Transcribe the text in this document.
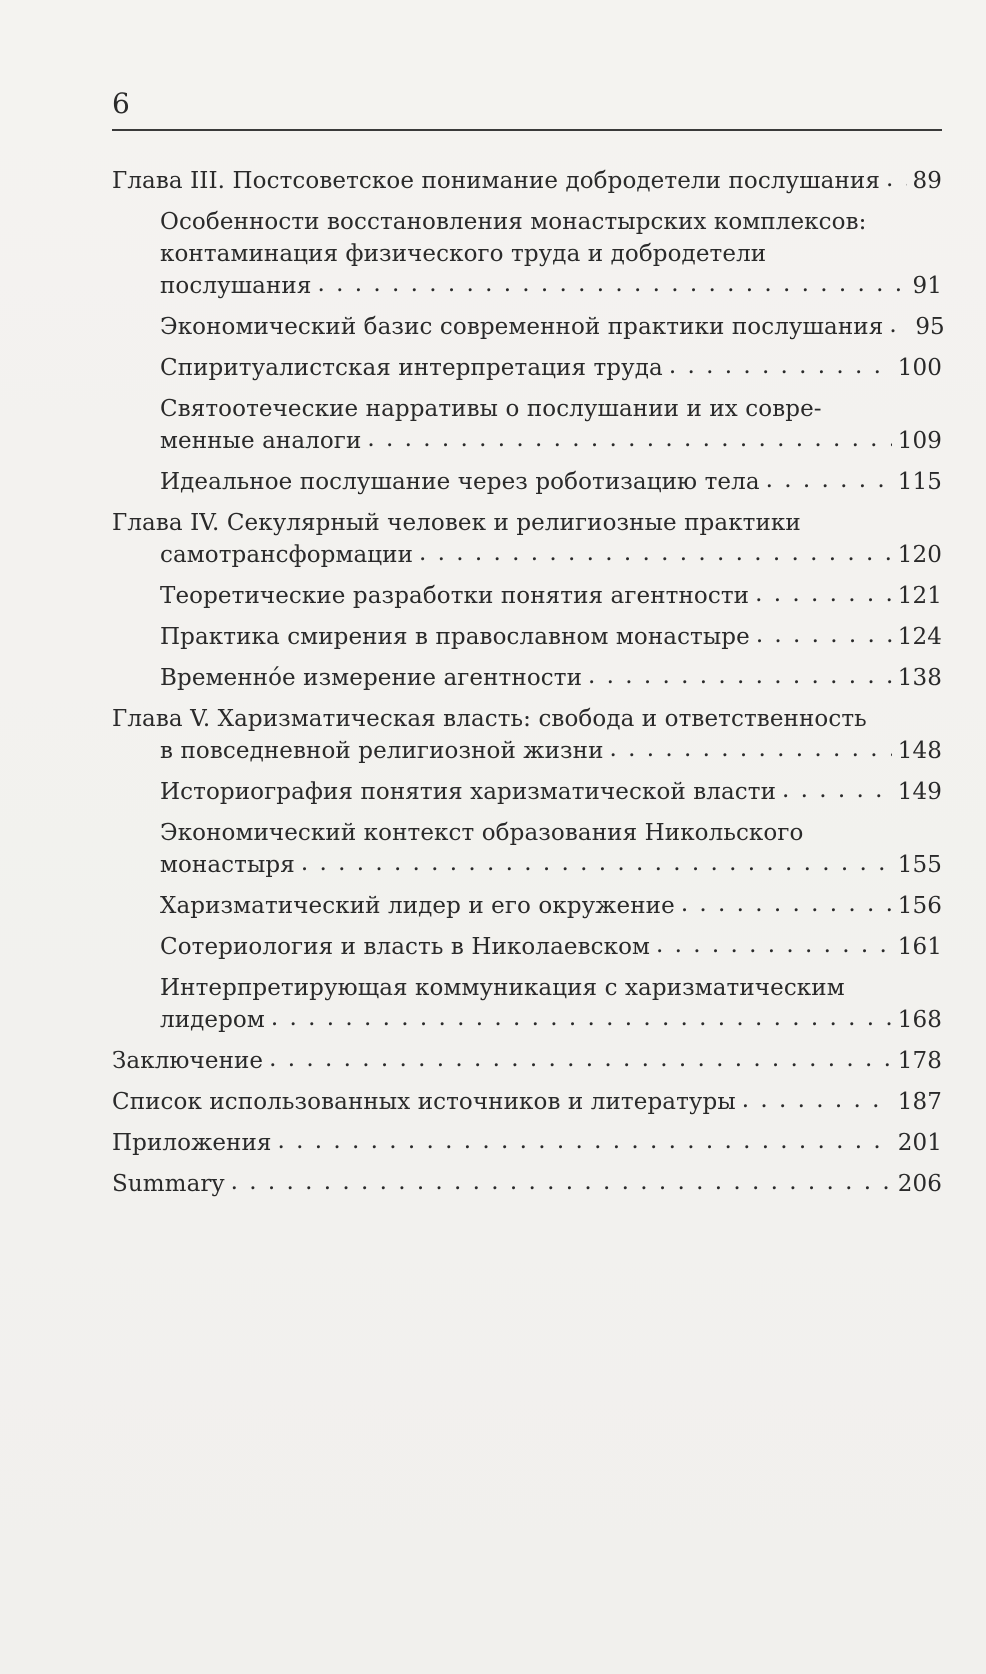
6
Глава III. Постсоветское понимание добродетели послушания . . . 89
Особенности восстановления монастырских комплексов:
контаминация физического труда и добродетели
послушания . . .	91
Экономический базис современной практики послушания . . . 95
Спиритуалистская интерпретация труда . . .	100
Святоотеческие нарративы о послушании и их совре-
менные аналоги . . .	109
Идеальное послушание через роботизацию тела . . .	115
Глава IV. Секулярный человек и религиозные практики
самотрансформации . . .	120
Теоретические разработки понятия агентности . . .	121
Практика смирения в православном монастыре . . .	124
Временнóе измерение агентности . . .	138
Глава V. Харизматическая власть: свобода и ответственность
в повседневной религиозной жизни . . .	148
Историография понятия харизматической власти . . .	149
Экономический контекст образования Никольского
монастыря . . .	155
Харизматический лидер и его окружение . . .	156
Сотериология и власть в Николаевском . . .	161
Интерпретирующая коммуникация с харизматическим
лидером . . .	168
Заключение . . .	178
Список использованных источников и литературы . . .	187
Приложения . . .	201
Summary . . .	206
